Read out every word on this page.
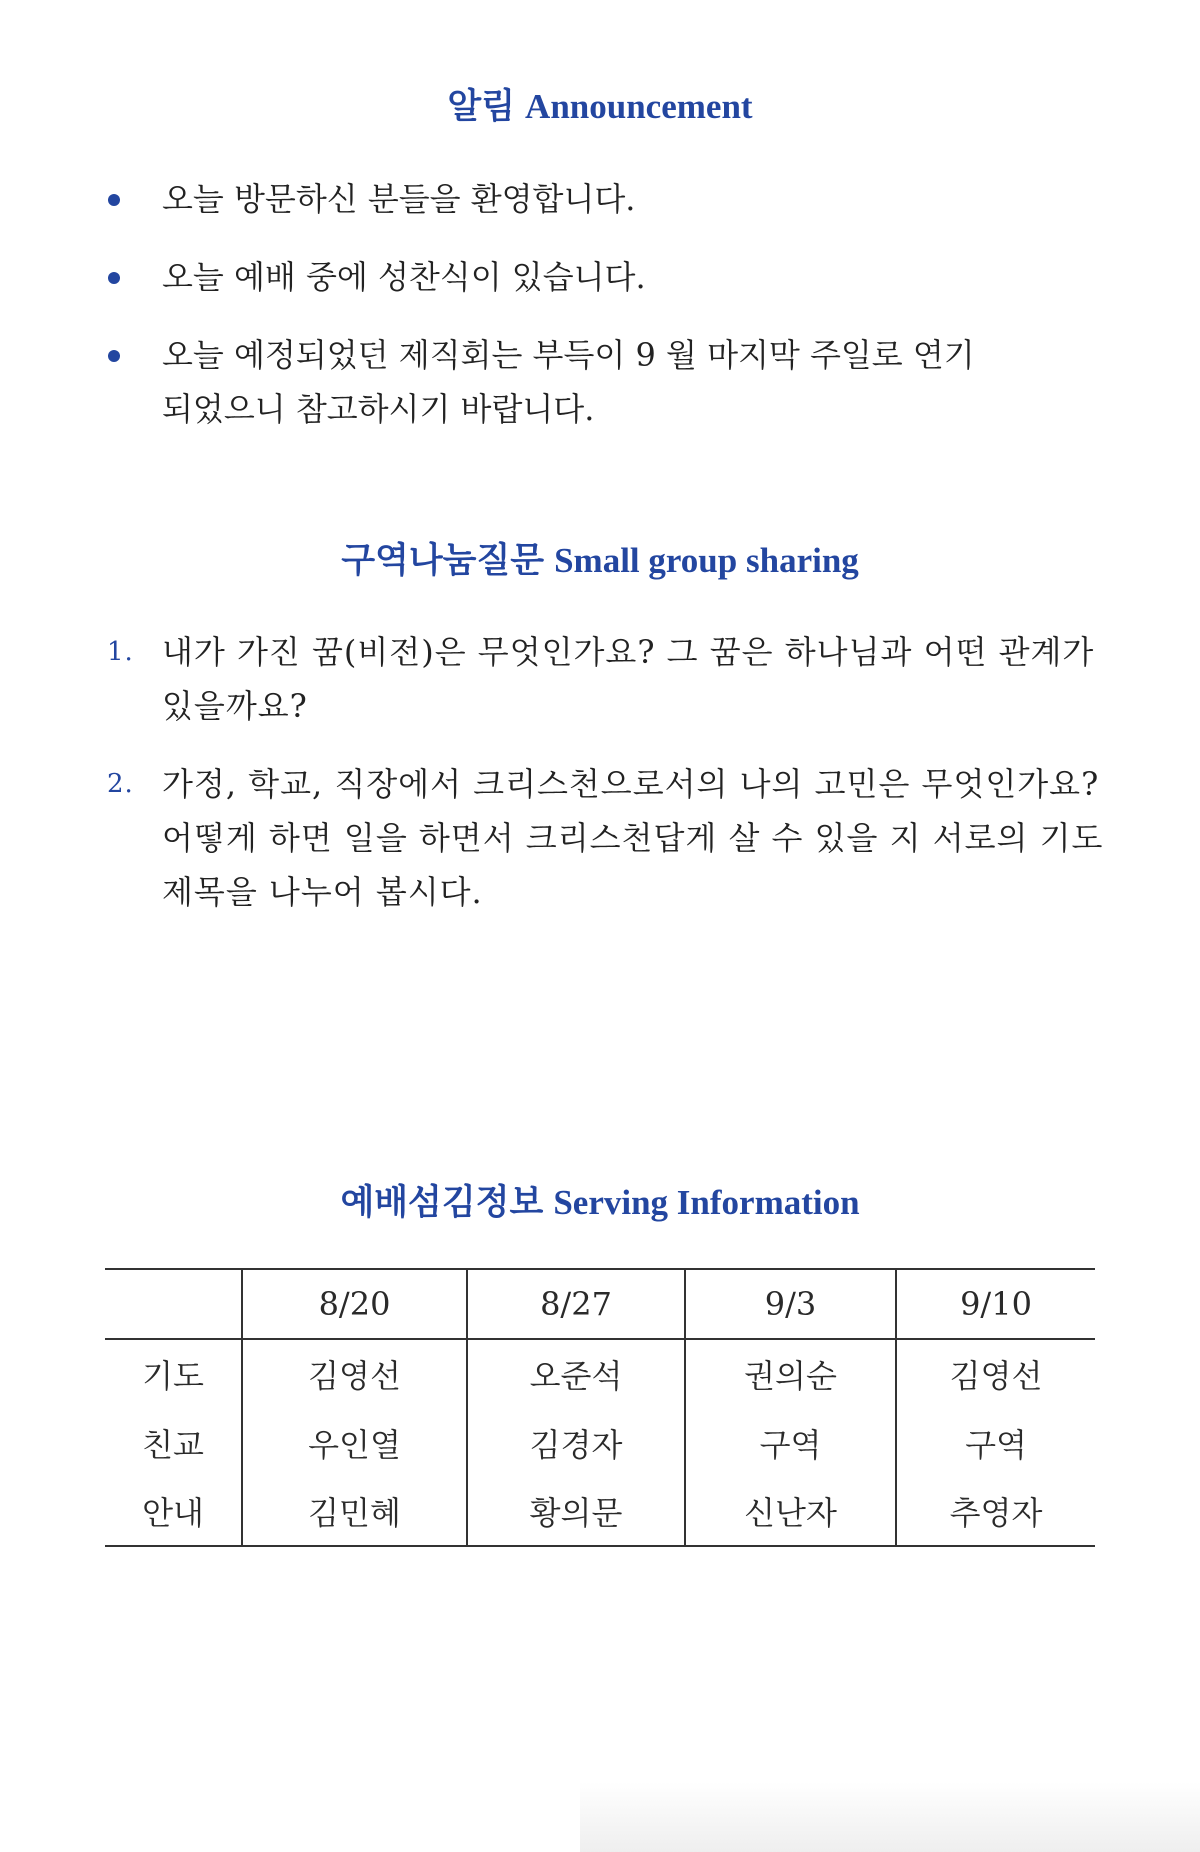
알림 Announcement
오늘 방문하신 분들을 환영합니다.
오늘 예배 중에 성찬식이 있습니다.
오늘 예정되었던 제직회는 부득이 9 월 마지막 주일로 연기되었으니 참고하시기 바랍니다.
구역나눔질문 Small group sharing
1. 내가 가진 꿈(비전)은 무엇인가요? 그 꿈은 하나님과 어떤 관계가 있을까요?
2. 가정, 학교, 직장에서 크리스천으로서의 나의 고민은 무엇인가요? 어떻게 하면 일을 하면서 크리스천답게 살 수 있을 지 서로의 기도제목을 나누어 봅시다.
예배섬김정보 Serving Information
	8/20	8/27	9/3	9/10
기도	김영선	오준석	권의순	김영선
친교	우인열	김경자	구역	구역
안내	김민혜	황의문	신난자	추영자
